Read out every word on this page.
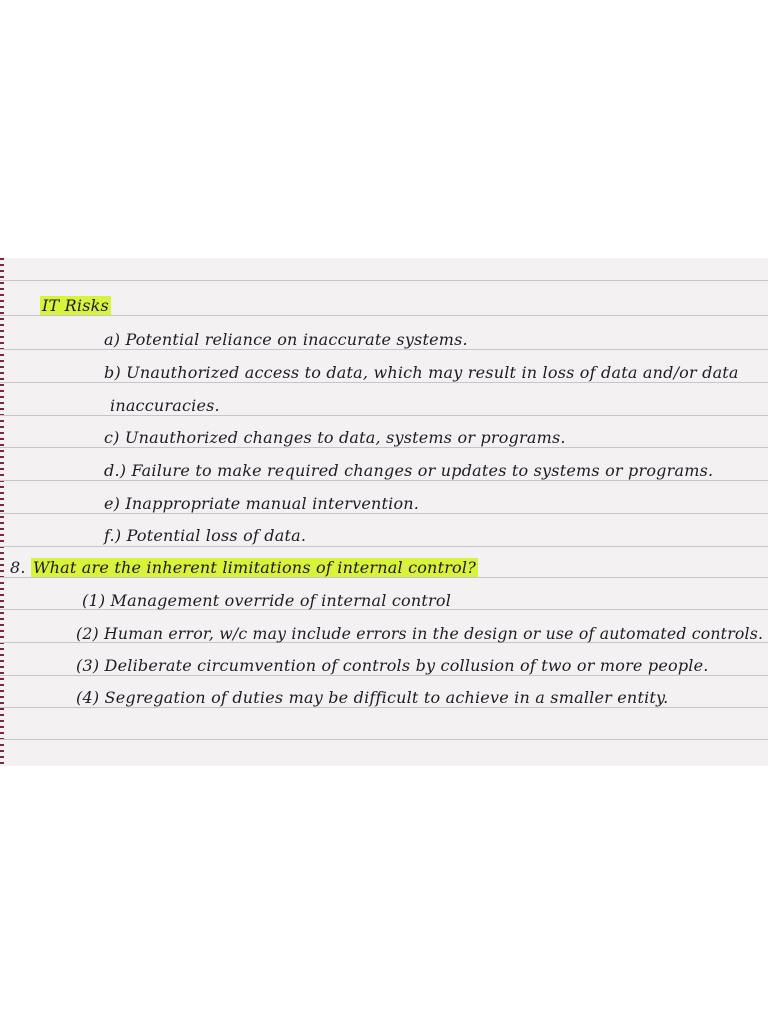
IT Risks
a) Potential reliance on inaccurate systems.
b) Unauthorized access to data, which may result in loss of data and/or data
inaccuracies.
c) Unauthorized changes to data, systems or programs.
d.) Failure to make required changes or updates to systems or programs.
e) Inappropriate manual intervention.
f.) Potential loss of data.
8. What are the inherent limitations of internal control?
(1) Management override of internal control
(2) Human error, w/c may include errors in the design or use of automated controls.
(3) Deliberate circumvention of controls by collusion of two or more people.
(4) Segregation of duties may be difficult to achieve in a smaller entity.
